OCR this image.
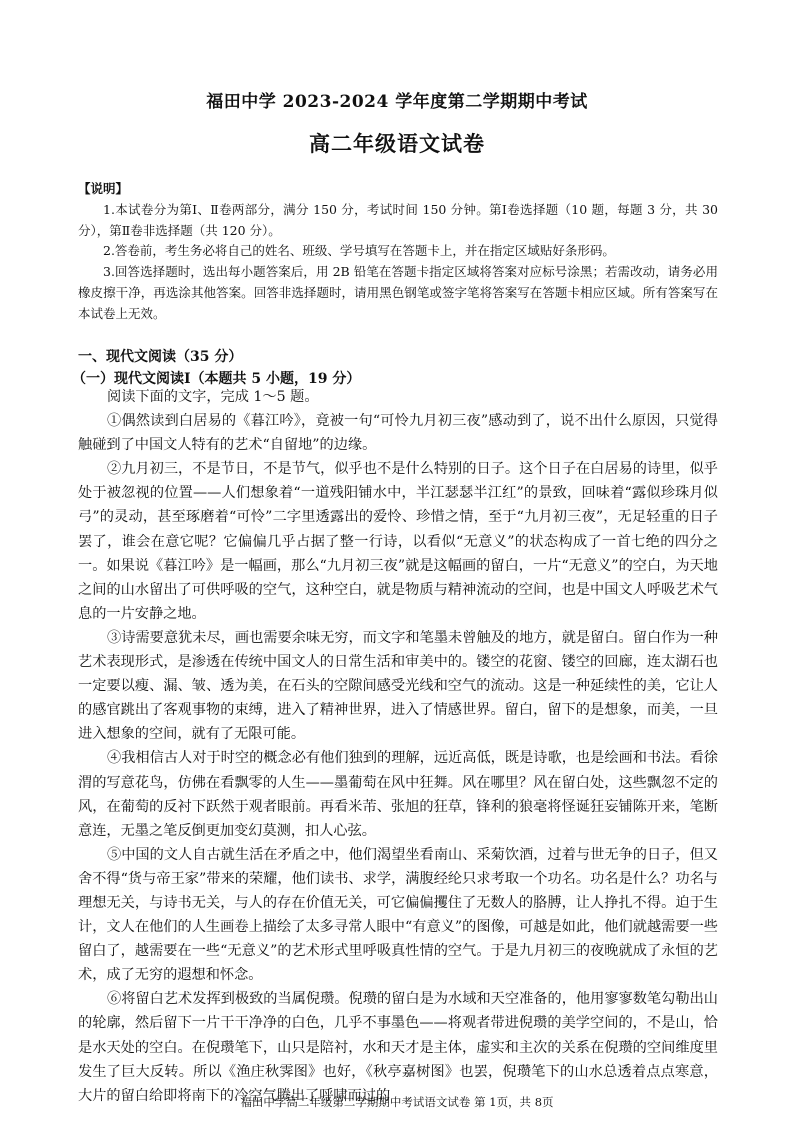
福田中学 2023-2024 学年度第二学期期中考试
高二年级语文试卷
【说明】

1.本试卷分为第Ⅰ、Ⅱ卷两部分，满分 150 分，考试时间 150 分钟。第Ⅰ卷选择题（10 题，每题 3 分，共 30 分），第Ⅱ卷非选择题（共 120 分）。

2.答卷前，考生务必将自己的姓名、班级、学号填写在答题卡上，并在指定区域贴好条形码。

3.回答选择题时，选出每小题答案后，用 2B 铅笔在答题卡指定区域将答案对应标号涂黑；若需改动，请务必用橡皮擦干净，再选涂其他答案。回答非选择题时，请用黑色钢笔或签字笔将答案写在答题卡相应区域。所有答案写在本试卷上无效。

一、现代文阅读（35 分）
（一）现代文阅读Ⅰ（本题共 5 小题，19 分）

阅读下面的文字，完成 1～5 题。

①偶然读到白居易的《暮江吟》，竟被一句“可怜九月初三夜”感动到了，说不出什么原因，只觉得触碰到了中国文人特有的艺术“自留地”的边缘。

②九月初三，不是节日，不是节气，似乎也不是什么特别的日子。这个日子在白居易的诗里，似乎处于被忽视的位置——人们想象着“一道残阳铺水中，半江瑟瑟半江红”的景致，回味着“露似珍珠月似弓”的灵动，甚至琢磨着“可怜”二字里透露出的爱怜、珍惜之情，至于“九月初三夜”，无足轻重的日子罢了，谁会在意它呢？它偏偏几乎占据了整一行诗，以看似“无意义”的状态构成了一首七绝的四分之一。如果说《暮江吟》是一幅画，那么“九月初三夜”就是这幅画的留白，一片“无意义”的空白，为天地之间的山水留出了可供呼吸的空气，这种空白，就是物质与精神流动的空间，也是中国文人呼吸艺术气息的一片安静之地。

③诗需要意犹未尽，画也需要余味无穷，而文字和笔墨未曾触及的地方，就是留白。留白作为一种艺术表现形式，是渗透在传统中国文人的日常生活和审美中的。镂空的花窗、镂空的回廊，连太湖石也一定要以瘦、漏、皱、透为美，在石头的空隙间感受光线和空气的流动。这是一种延续性的美，它让人的感官跳出了客观事物的束缚，进入了精神世界，进入了情感世界。留白，留下的是想象，而美，一旦进入想象的空间，就有了无限可能。

④我相信古人对于时空的概念必有他们独到的理解，远近高低，既是诗歌，也是绘画和书法。看徐渭的写意花鸟，仿佛在看飘零的人生——墨葡萄在风中狂舞。风在哪里？风在留白处，这些飘忽不定的风，在葡萄的反衬下跃然于观者眼前。再看米芾、张旭的狂草，锋利的狼毫将怪诞狂妄铺陈开来，笔断意连，无墨之笔反倒更加变幻莫测，扣人心弦。

⑤中国的文人自古就生活在矛盾之中，他们渴望坐看南山、采菊饮酒，过着与世无争的日子，但又舍不得“货与帝王家”带来的荣耀，他们读书、求学，满腹经纶只求考取一个功名。功名是什么？功名与理想无关，与诗书无关，与人的存在价值无关，可它偏偏攫住了无数人的胳膊，让人挣扎不得。迫于生计，文人在他们的人生画卷上描绘了太多寻常人眼中“有意义”的图像，可越是如此，他们就越需要一些留白了，越需要在一些“无意义”的艺术形式里呼吸真性情的空气。于是九月初三的夜晚就成了永恒的艺术，成了无穷的遐想和怀念。

⑥将留白艺术发挥到极致的当属倪瓒。倪瓒的留白是为水域和天空准备的，他用寥寥数笔勾勒出山的轮廓，然后留下一片干干净净的白色，几乎不事墨色——将观者带进倪瓒的美学空间的，不是山，恰是水天处的空白。在倪瓒笔下，山只是陪衬，水和天才是主体，虚实和主次的关系在倪瓒的空间维度里发生了巨大反转。所以《渔庄秋霁图》也好，《秋亭嘉树图》也罢，倪瓒笔下的山水总透着点点寒意，大片的留白给即将南下的冷空气腾出了呼啸而过的

福田中学高二年级第二学期期中考试语文试卷 第 1页，共 8页
